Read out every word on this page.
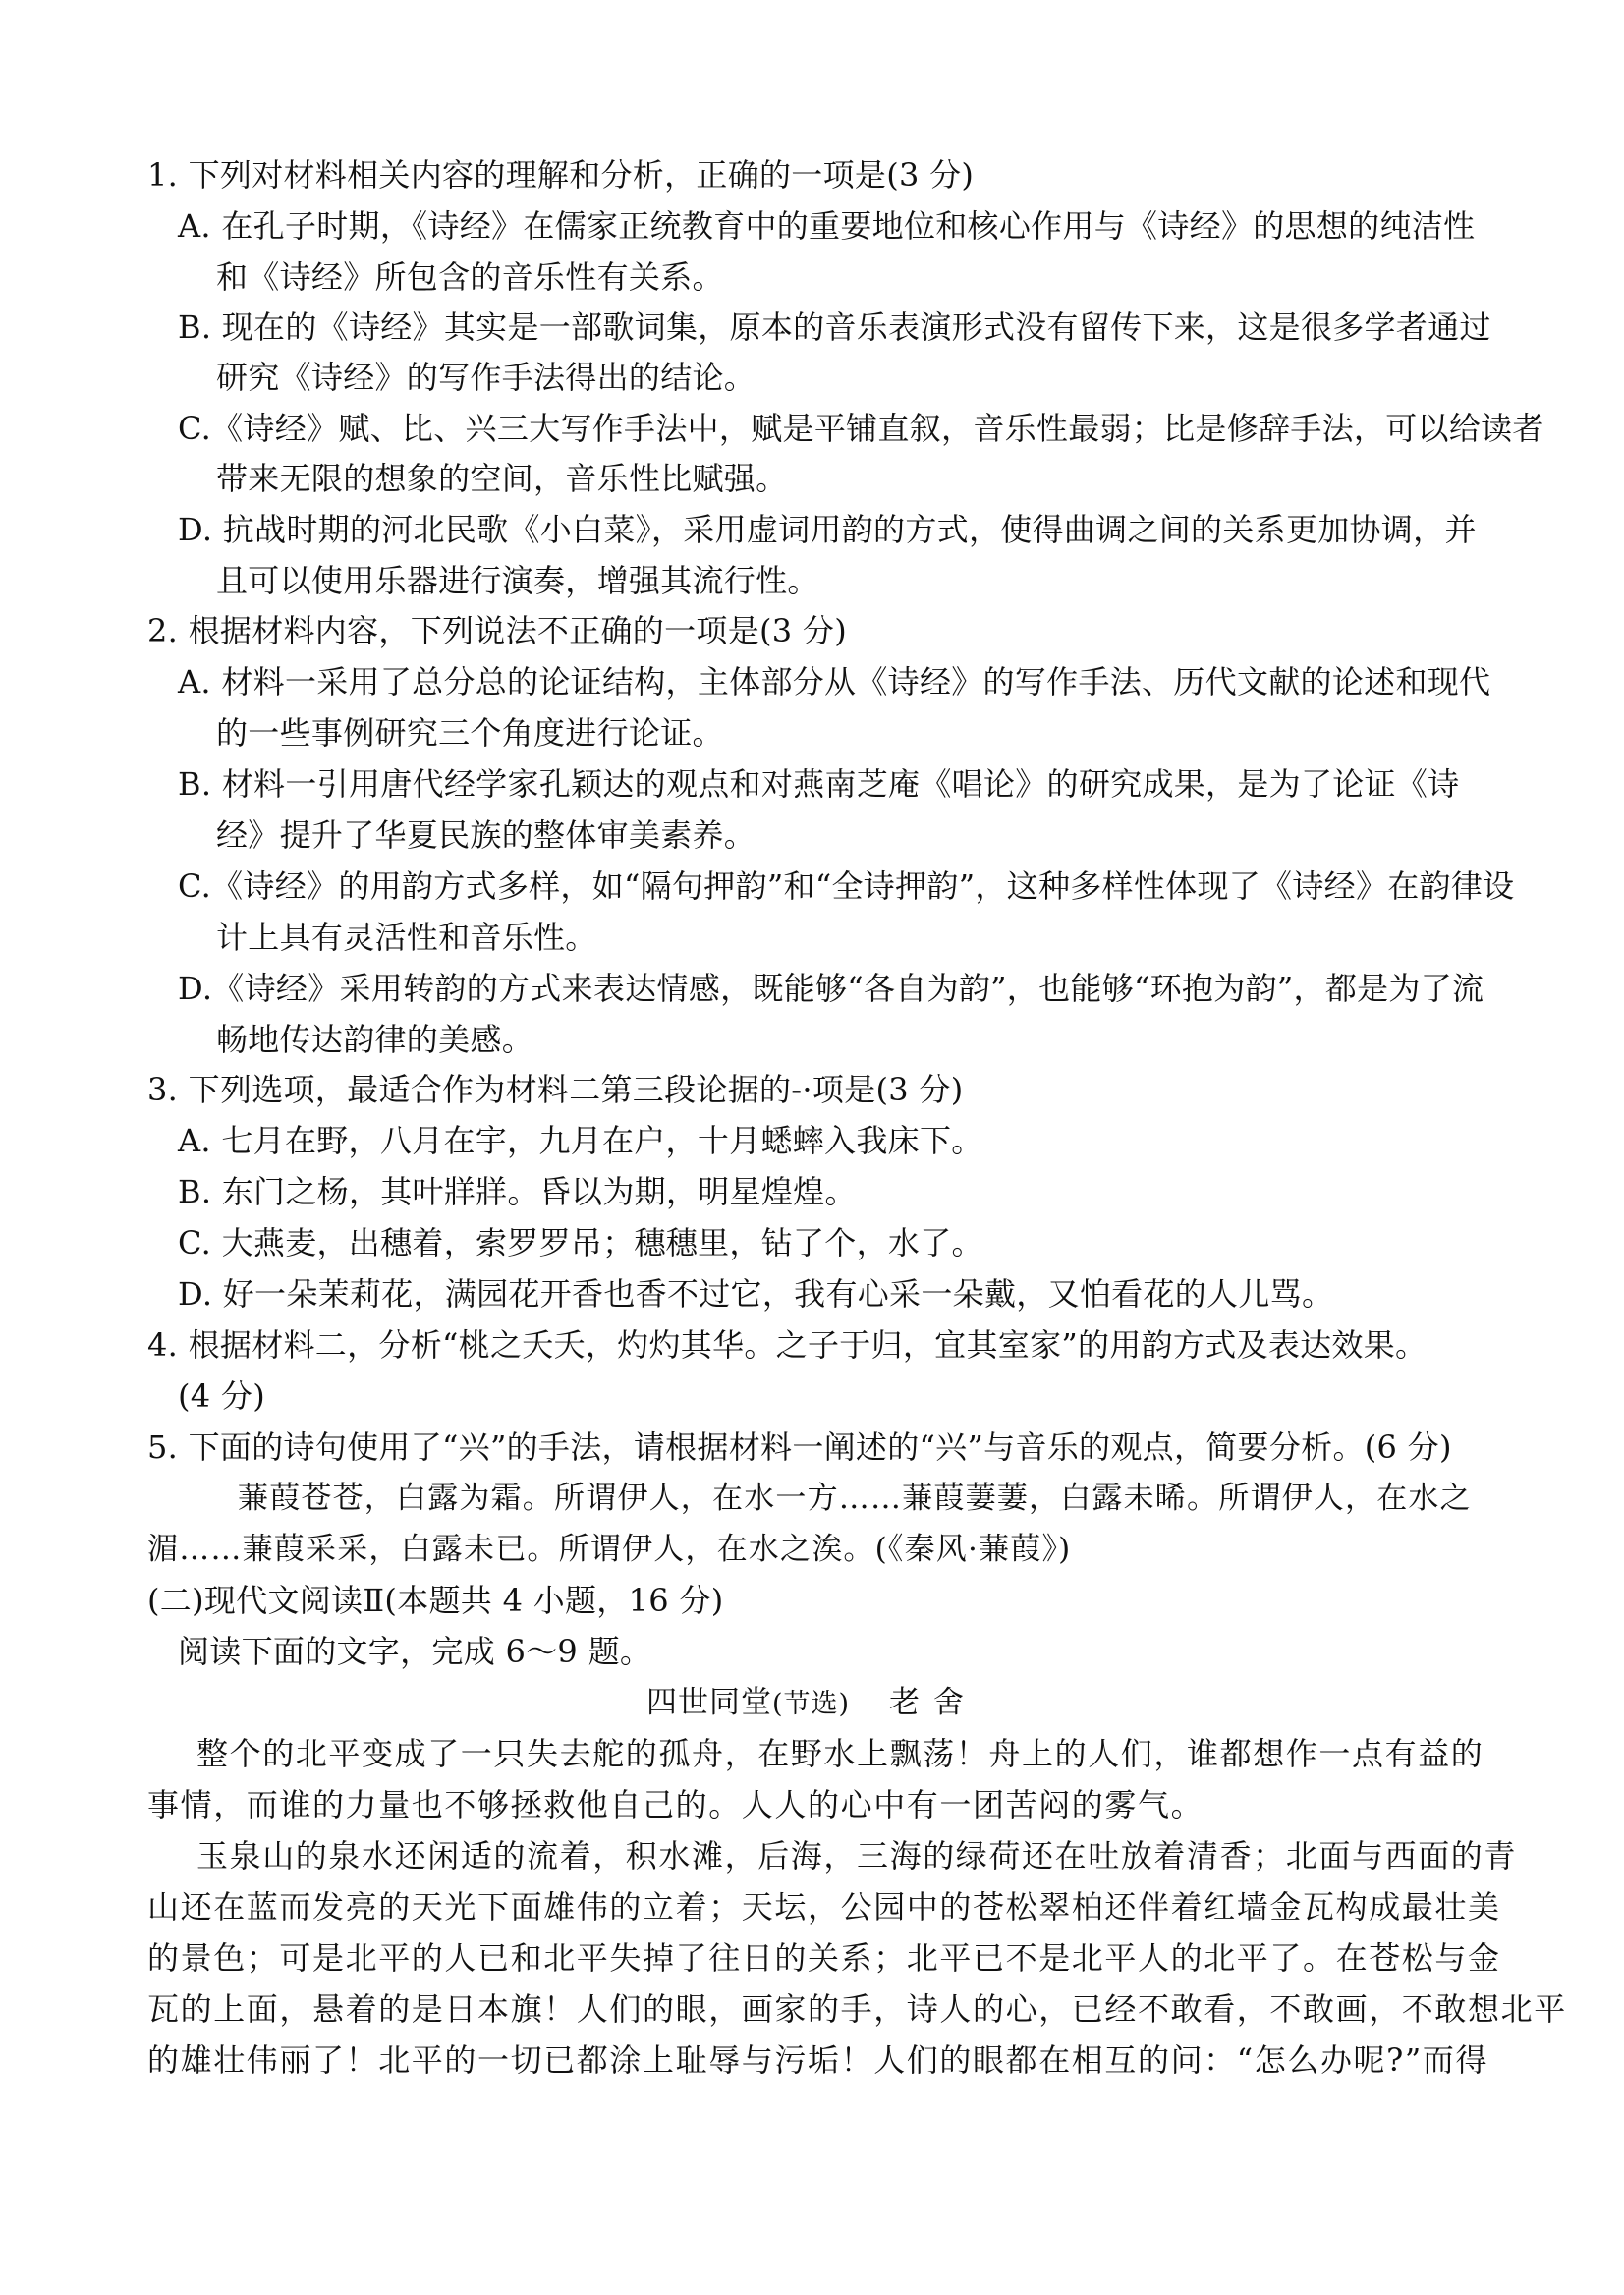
1. 下列对材料相关内容的理解和分析，正确的一项是(3 分)
A. 在孔子时期，《诗经》在儒家正统教育中的重要地位和核心作用与《诗经》的思想的纯洁性
和《诗经》所包含的音乐性有关系。
B. 现在的《诗经》其实是一部歌词集，原本的音乐表演形式没有留传下来，这是很多学者通过
研究《诗经》的写作手法得出的结论。
C.《诗经》赋、比、兴三大写作手法中，赋是平铺直叙，音乐性最弱；比是修辞手法，可以给读者
带来无限的想象的空间，音乐性比赋强。
D. 抗战时期的河北民歌《小白菜》，采用虚词用韵的方式，使得曲调之间的关系更加协调，并
且可以使用乐器进行演奏，增强其流行性。
2. 根据材料内容，下列说法不正确的一项是(3 分)
A. 材料一采用了总分总的论证结构，主体部分从《诗经》的写作手法、历代文献的论述和现代
的一些事例研究三个角度进行论证。
B. 材料一引用唐代经学家孔颖达的观点和对燕南芝庵《唱论》的研究成果，是为了论证《诗
经》提升了华夏民族的整体审美素养。
C.《诗经》的用韵方式多样，如“隔句押韵”和“全诗押韵”，这种多样性体现了《诗经》在韵律设
计上具有灵活性和音乐性。
D.《诗经》采用转韵的方式来表达情感，既能够“各自为韵”，也能够“环抱为韵”，都是为了流
畅地传达韵律的美感。
3. 下列选项，最适合作为材料二第三段论据的-·项是(3 分)
A. 七月在野，八月在宇，九月在户，十月蟋蟀入我床下。
B. 东门之杨，其叶牂牂。昏以为期，明星煌煌。
C. 大燕麦，出穗着，索罗罗吊；穗穗里，钻了个，水了。
D. 好一朵茉莉花，满园花开香也香不过它，我有心采一朵戴，又怕看花的人儿骂。
4. 根据材料二，分析“桃之夭夭，灼灼其华。之子于归，宜其室家”的用韵方式及表达效果。
(4 分)
5. 下面的诗句使用了“兴”的手法，请根据材料一阐述的“兴”与音乐的观点，简要分析。(6 分)
蒹葭苍苍，白露为霜。所谓伊人，在水一方……蒹葭萋萋，白露未晞。所谓伊人，在水之
湄……蒹葭采采，白露未已。所谓伊人，在水之涘。(《秦风·蒹葭》)
(二)现代文阅读Ⅱ(本题共 4 小题，16 分)
阅读下面的文字，完成 6～9 题。
四世同堂(节选) 老舍
整个的北平变成了一只失去舵的孤舟，在野水上飘荡！舟上的人们，谁都想作一点有益的
事情，而谁的力量也不够拯救他自己的。人人的心中有一团苦闷的雾气。
玉泉山的泉水还闲适的流着，积水滩，后海，三海的绿荷还在吐放着清香；北面与西面的青
山还在蓝而发亮的天光下面雄伟的立着；天坛，公园中的苍松翠柏还伴着红墙金瓦构成最壮美
的景色；可是北平的人已和北平失掉了往日的关系；北平已不是北平人的北平了。在苍松与金
瓦的上面，悬着的是日本旗！人们的眼，画家的手，诗人的心，已经不敢看，不敢画，不敢想北平
的雄壮伟丽了！北平的一切已都涂上耻辱与污垢！人们的眼都在相互的问：“怎么办呢?”而得
